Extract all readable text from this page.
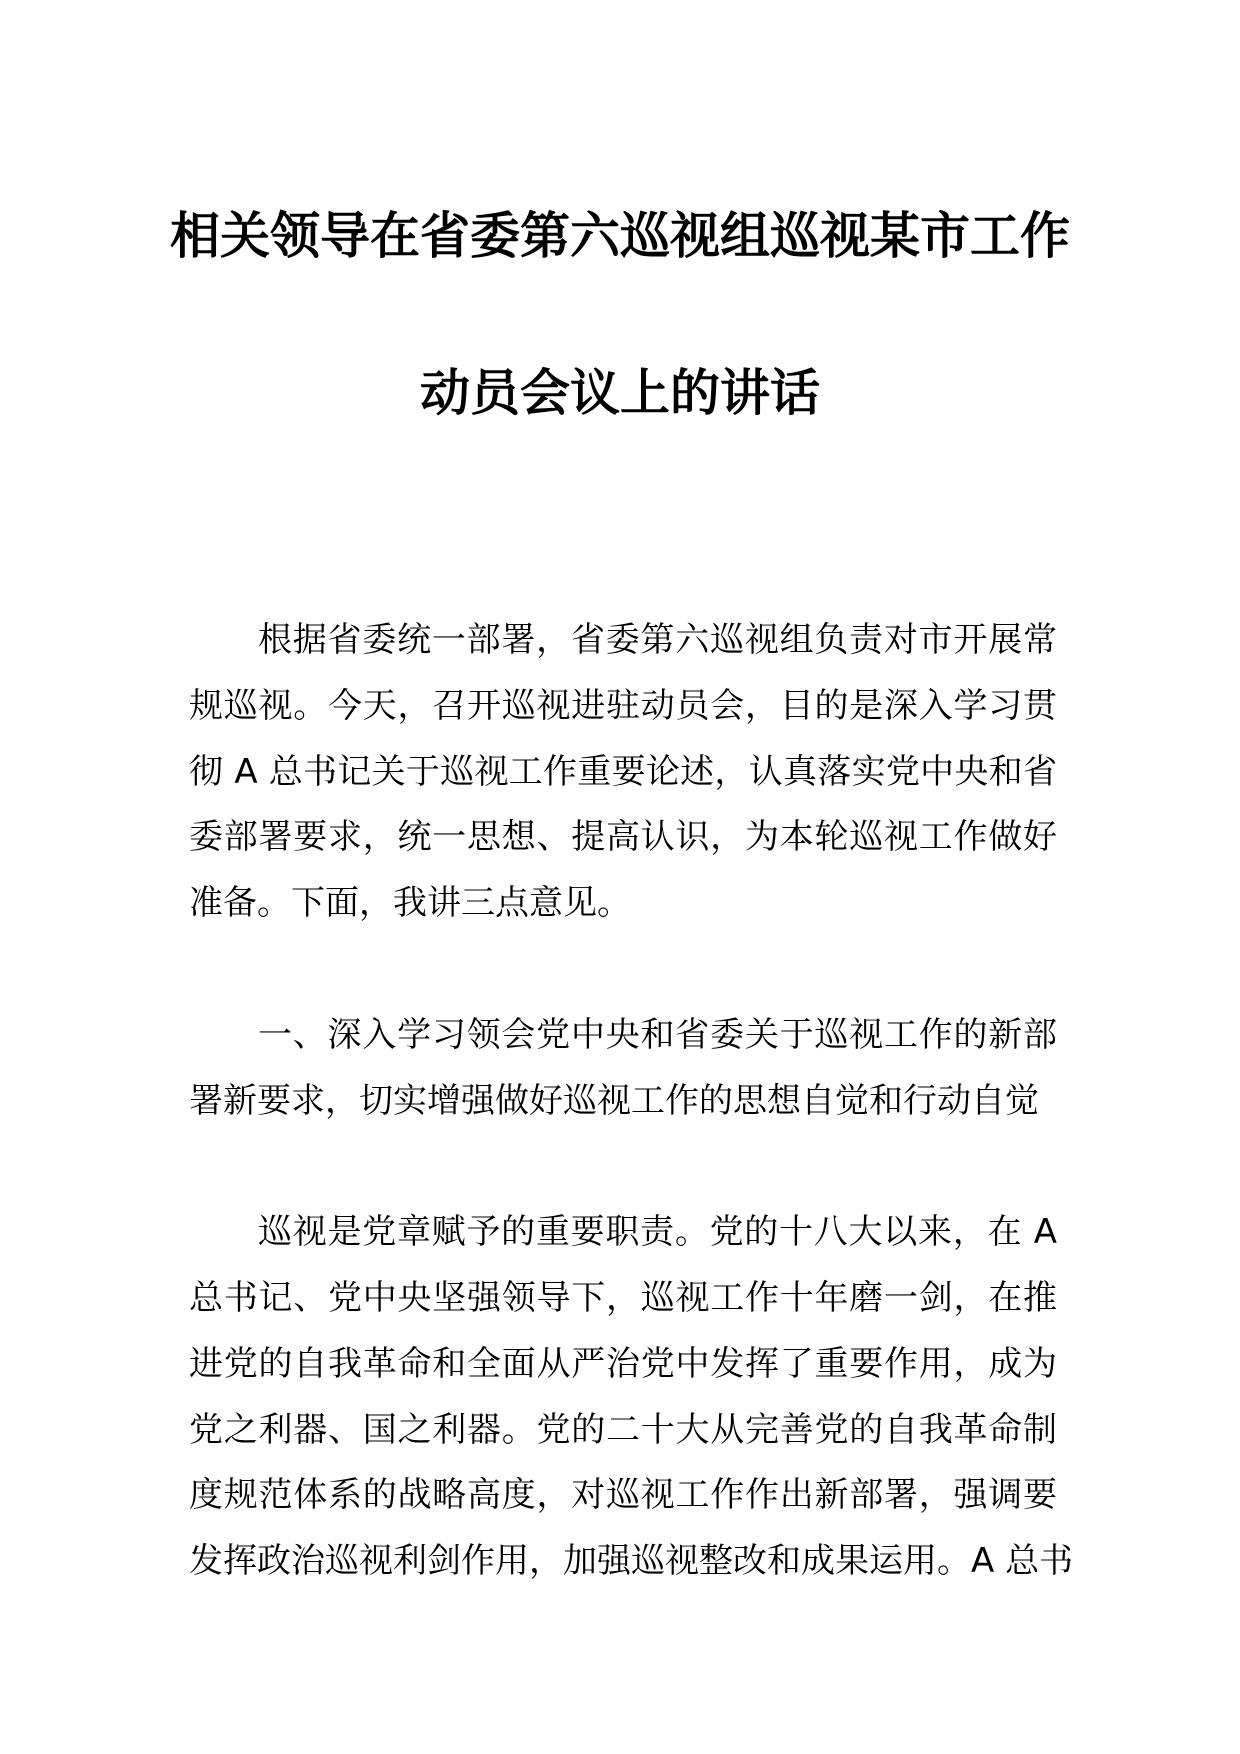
相关领导在省委第六巡视组巡视某市工作
动员会议上的讲话
根据省委统一部署，省委第六巡视组负责对市开展常
规巡视。今天，召开巡视进驻动员会，目的是深入学习贯
彻 A 总书记关于巡视工作重要论述，认真落实党中央和省
委部署要求，统一思想、提高认识，为本轮巡视工作做好
准备。下面，我讲三点意见。
一、深入学习领会党中央和省委关于巡视工作的新部
署新要求，切实增强做好巡视工作的思想自觉和行动自觉
巡视是党章赋予的重要职责。党的十八大以来，在 A
总书记、党中央坚强领导下，巡视工作十年磨一剑，在推
进党的自我革命和全面从严治党中发挥了重要作用，成为
党之利器、国之利器。党的二十大从完善党的自我革命制
度规范体系的战略高度，对巡视工作作出新部署，强调要
发挥政治巡视利剑作用，加强巡视整改和成果运用。A 总书
